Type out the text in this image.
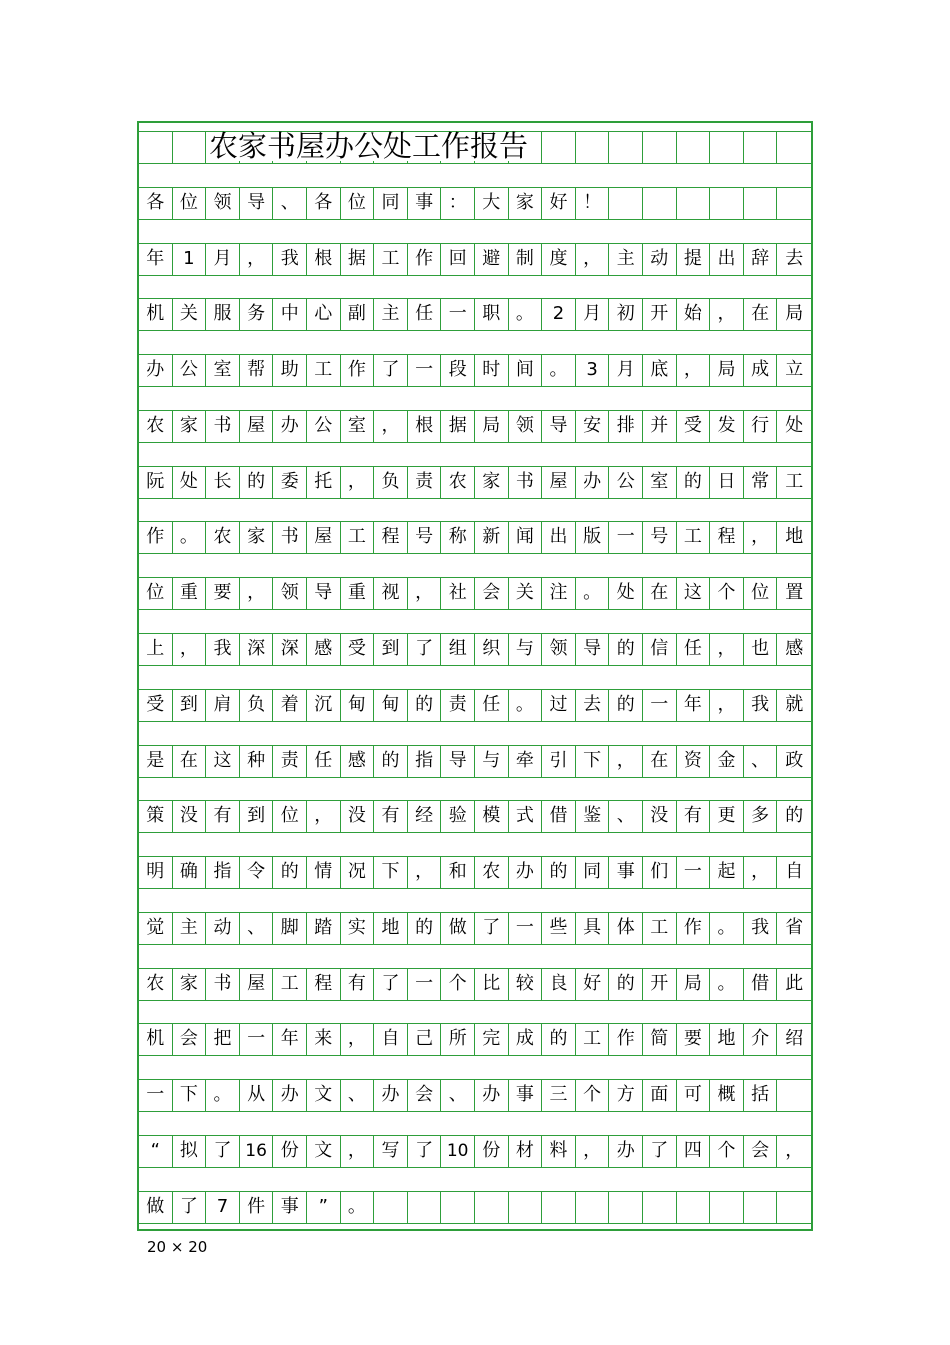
农家书屋办公处工作报告
各 位 领 导 、 各 位 同 事 ： 大 家 好 ！
年	1	月 ， 我 根 据 工 作 回 避 制 度 ， 主 动 提 出 辞 去
机 关 服 务 中 心 副 主 任 一 职 。	2	月 初 开 始 ， 在 局
办 公 室 帮 助 工 作 了 一 段 时 间 。	3	月 底 ， 局 成 立
农 家 书 屋 办 公 室 ， 根 据 局 领 导 安 排 并 受 发 行 处
阮 处 长 的 委 托 ， 负 责 农 家 书 屋 办 公 室 的 日 常 工
作 。 农 家 书 屋 工 程 号 称 新 闻 出 版 一 号 工 程 ， 地
位 重 要 ， 领 导 重 视 ， 社 会 关 注 。 处 在 这 个 位 置
上 ， 我 深 深 感 受 到 了 组 织 与 领 导 的 信 任 ， 也 感
受 到 肩 负 着 沉 甸 甸 的 责 任 。 过 去 的 一 年 ， 我 就
是 在 这 种 责 任 感 的 指 导 与 牵 引 下 ， 在 资 金 、 政
策 没 有 到 位 ， 没 有 经 验 模 式 借 鉴 、 没 有 更 多 的
明 确 指 令 的 情 况 下 ， 和 农 办 的 同 事 们 一 起 ， 自
觉 主 动 、 脚 踏 实 地 的 做 了 一 些 具 体 工 作 。 我 省
农 家 书 屋 工 程 有 了 一 个 比 较 良 好 的 开 局 。 借 此
机 会 把 一 年 来 ， 自 己 所 完 成 的 工 作 简 要 地 介 绍
一 下 。 从 办 文 、 办 会 、 办 事 三 个 方 面 可 概 括
“	拟 了 16 份 文 ， 写 了 10 份 材 料 ， 办 了 四 个 会 ，
做 了	7	件 事	”	。
20 × 20
